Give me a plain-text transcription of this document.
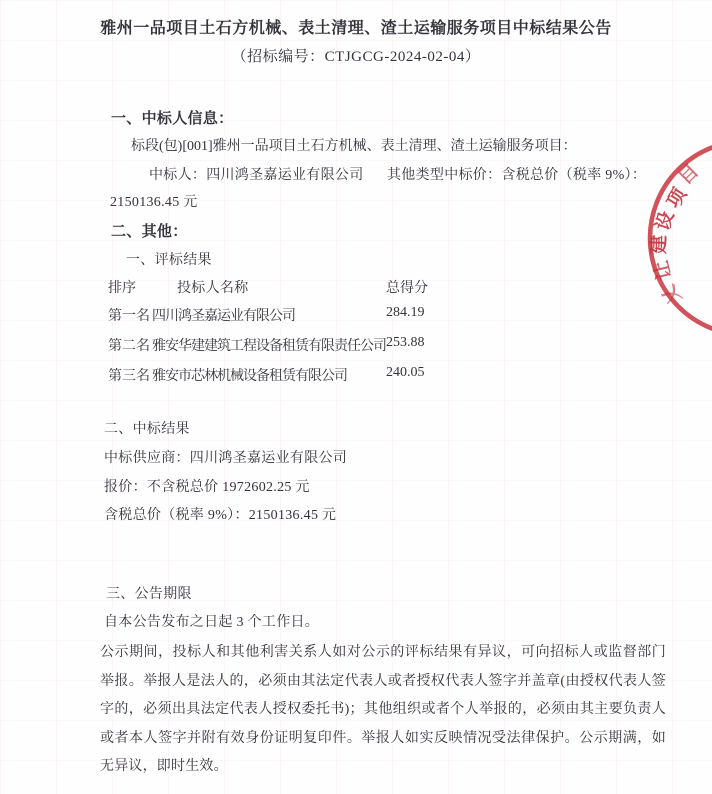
雅州一品项目土石方机械、表土清理、渣土运输服务项目中标结果公告
（招标编号：CTJGCG-2024-02-04）
一、中标人信息：
标段(包)[001]雅州一品项目土石方机械、表土清理、渣土运输服务项目：
中标人：四川鸿圣嘉运业有限公司 其他类型中标价：含税总价（税率 9%）：
2150136.45 元
二、其他：
一、评标结果
排序	投标人名称	总得分
第一名 四川鸿圣嘉运业有限公司	284.19
第二名 雅安华建建筑工程设备租赁有限责任公司 253.88
第三名 雅安市芯林机械设备租赁有限公司	240.05
二、中标结果
中标供应商：四川鸿圣嘉运业有限公司
报价：不含税总价 1972602.25 元
含税总价（税率 9%）：2150136.45 元
三、公告期限
自本公告发布之日起 3 个工作日。
公示期间，投标人和其他利害关系人如对公示的评标结果有异议，可向招标人或监督部门举报。举报人是法人的，必须由其法定代表人或者授权代表人签字并盖章(由授权代表人签字的，必须出具法定代表人授权委托书)；其他组织或者个人举报的，必须由其主要负责人或者本人签字并附有效身份证明复印件。举报人如实反映情况受法律保护。公示期满，如无异议，即时生效。
目
项
设
建
让
乂
